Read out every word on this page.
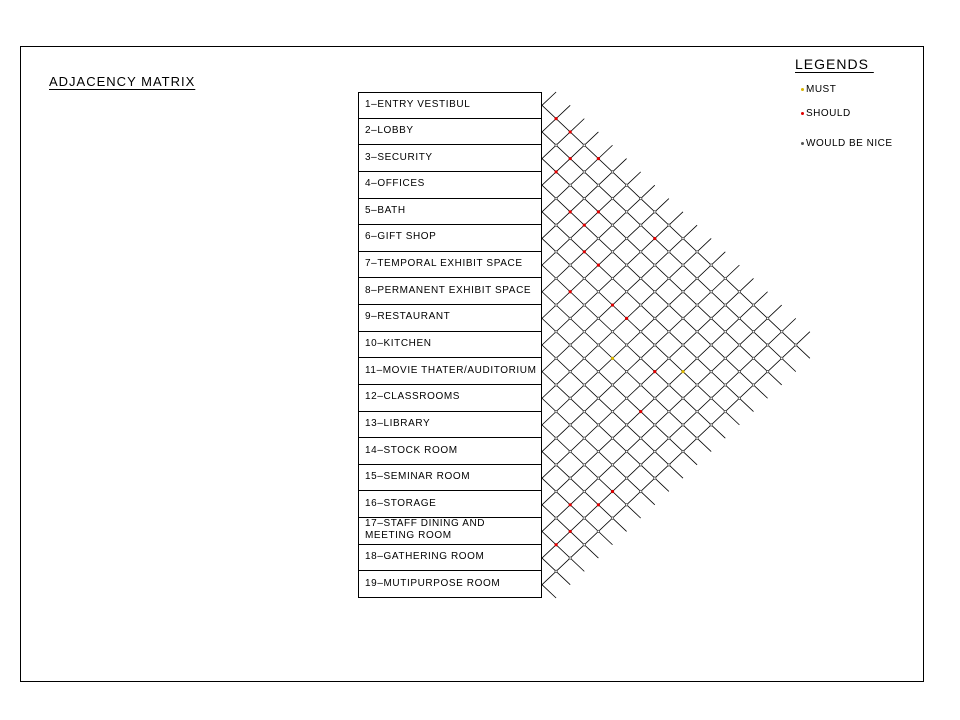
ADJACENCY MATRIX
LEGENDS
MUST
SHOULD
WOULD BE NICE
1–ENTRY VESTIBUL
2–LOBBY
3–SECURITY
4–OFFICES
5–BATH
6–GIFT SHOP
7–TEMPORAL EXHIBIT SPACE
8–PERMANENT EXHIBIT SPACE
9–RESTAURANT
10–KITCHEN
11–MOVIE THATER/AUDITORIUM
12–CLASSROOMS
13–LIBRARY
14–STOCK ROOM
15–SEMINAR ROOM
16–STORAGE
17–STAFF DINING AND
MEETING ROOM
18–GATHERING ROOM
19–MUTIPURPOSE ROOM
